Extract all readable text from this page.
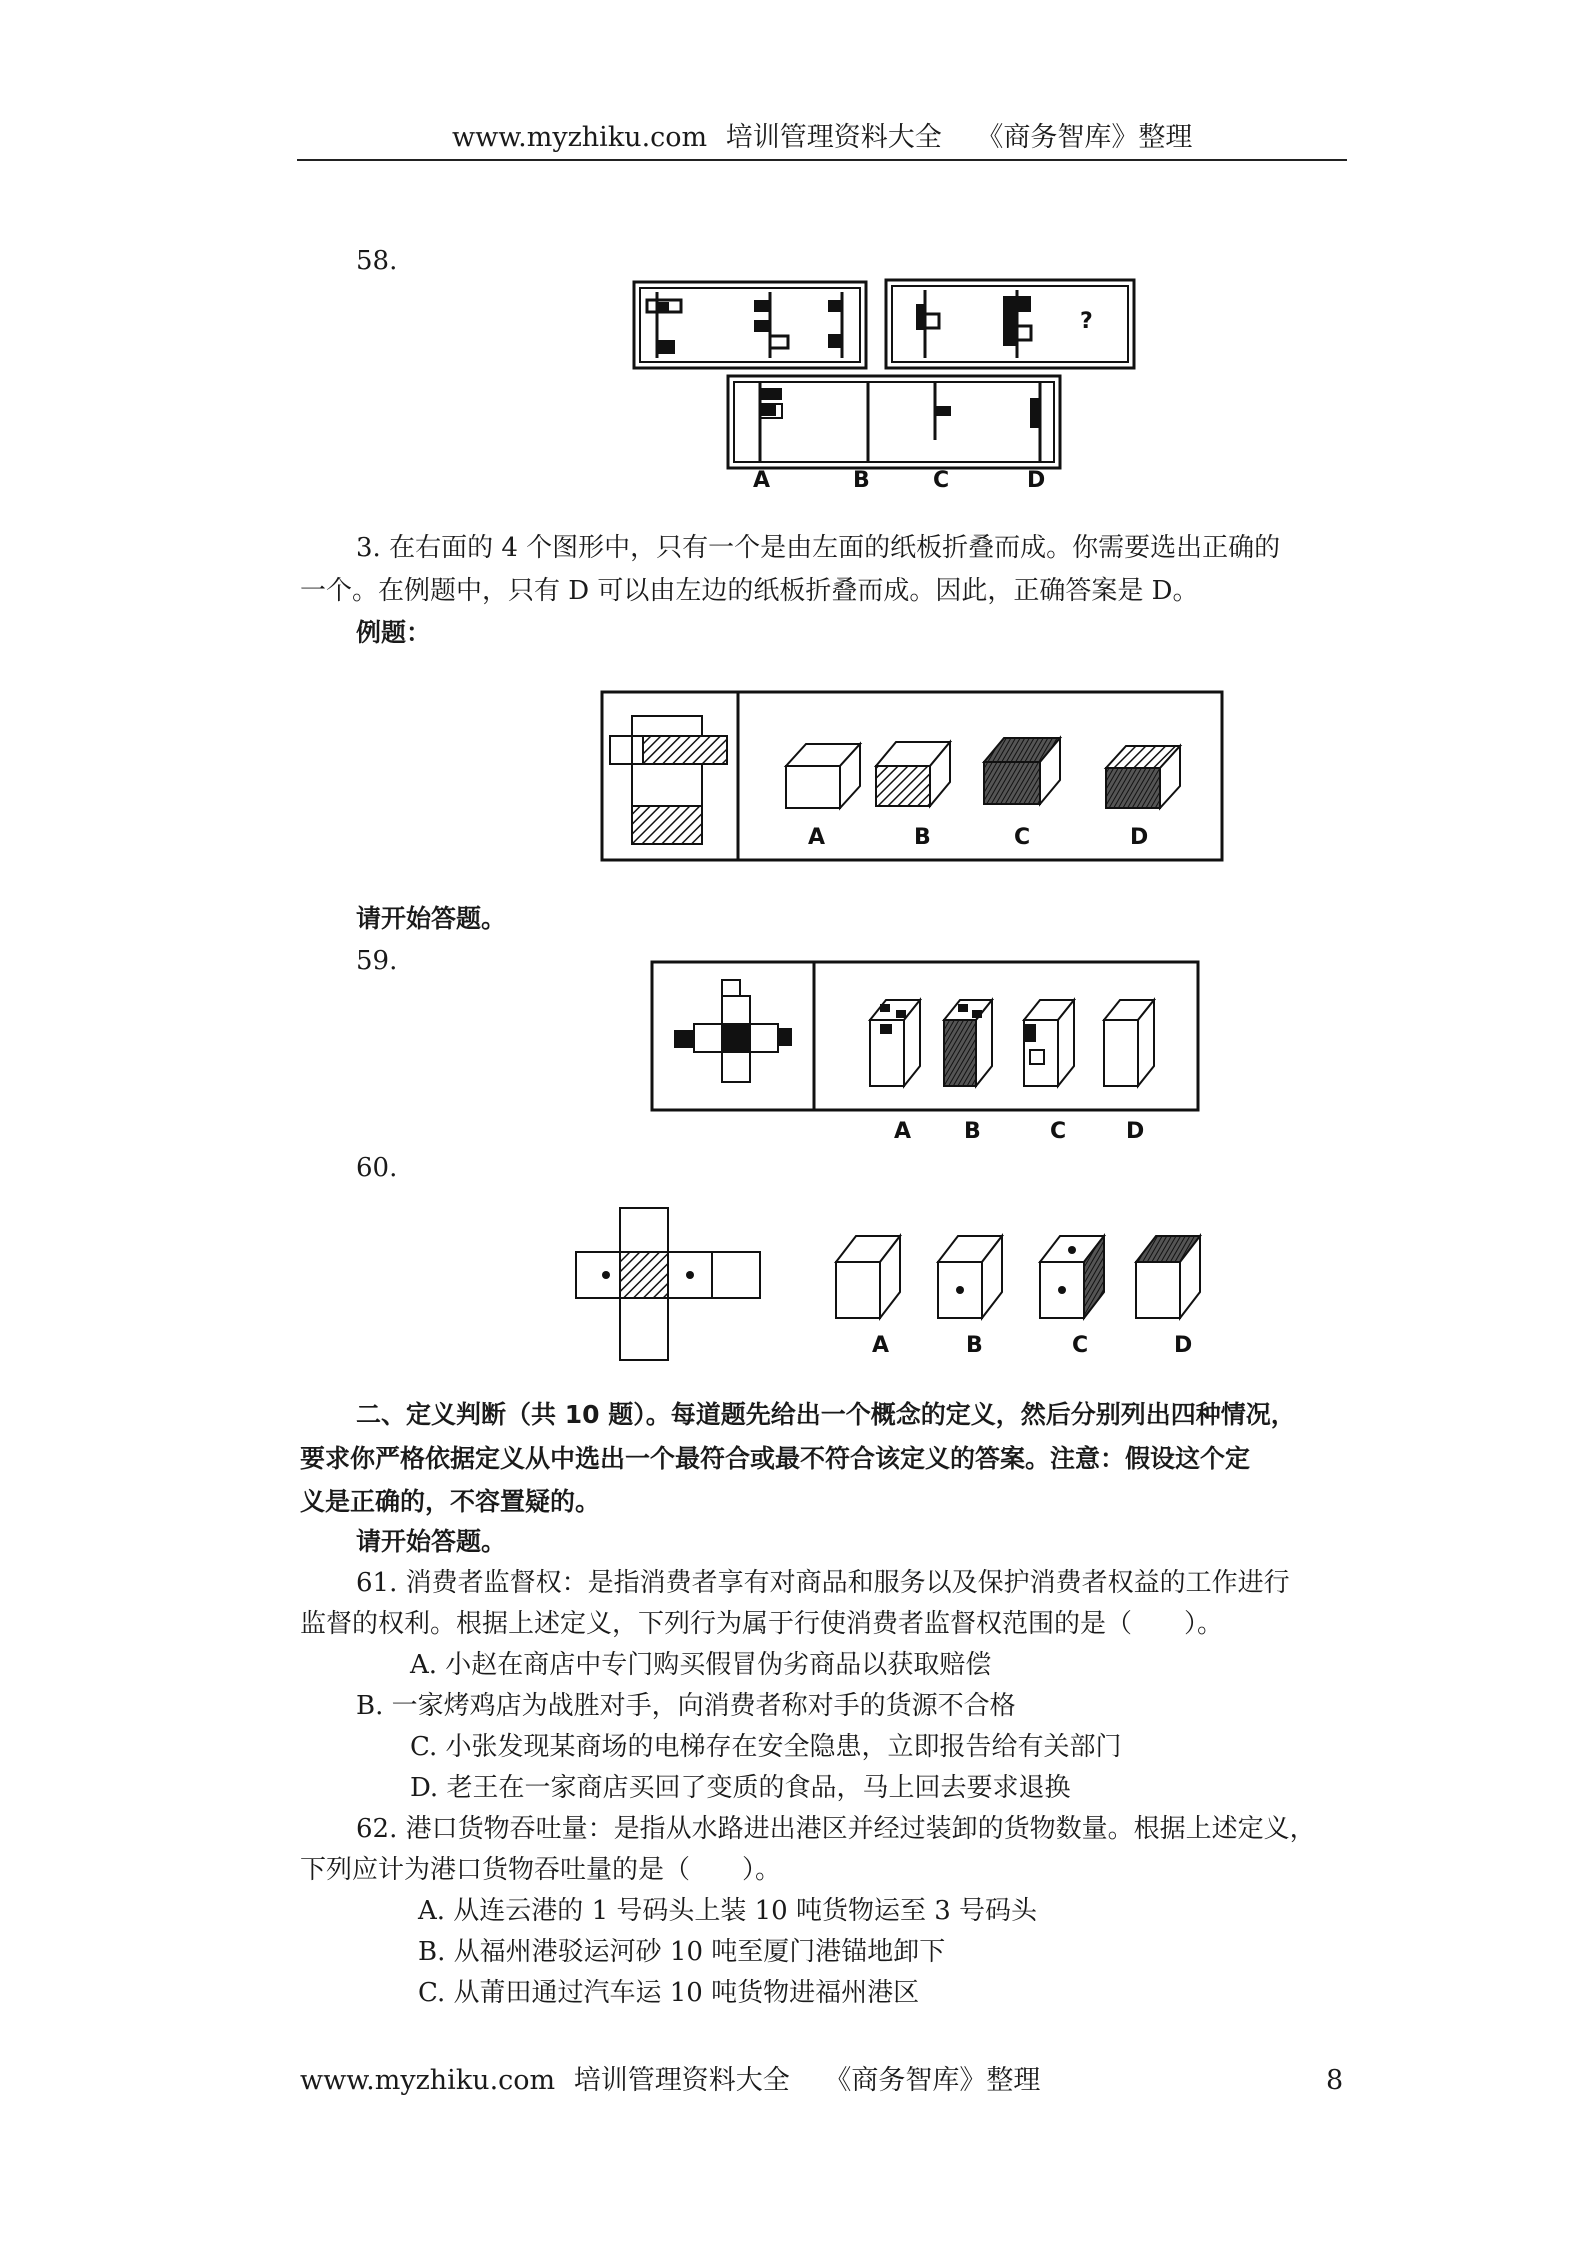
www.myzhiku.com 培训管理资料大全 《商务智库》整理
58.
?
A	B	C	D
3. 在右面的 4 个图形中，只有一个是由左面的纸板折叠而成。你需要选出正确的
一个。在例题中，只有 D 可以由左边的纸板折叠而成。因此，正确答案是 D。
例题：
A	B	C	D
请开始答题。
59.
A B	C	D
60.
A	B	C	D
二、定义判断（共 10 题）。每道题先给出一个概念的定义，然后分别列出四种情况，
要求你严格依据定义从中选出一个最符合或最不符合该定义的答案。注意：假设这个定
义是正确的，不容置疑的。
请开始答题。
61. 消费者监督权：是指消费者享有对商品和服务以及保护消费者权益的工作进行
监督的权利。根据上述定义，下列行为属于行使消费者监督权范围的是（　　）。
A. 小赵在商店中专门购买假冒伪劣商品以获取赔偿
B. 一家烤鸡店为战胜对手，向消费者称对手的货源不合格
C. 小张发现某商场的电梯存在安全隐患，立即报告给有关部门
D. 老王在一家商店买回了变质的食品，马上回去要求退换
62. 港口货物吞吐量：是指从水路进出港区并经过装卸的货物数量。根据上述定义，
下列应计为港口货物吞吐量的是（　　）。
A. 从连云港的 1 号码头上装 10 吨货物运至 3 号码头
B. 从福州港驳运河砂 10 吨至厦门港锚地卸下
C. 从莆田通过汽车运 10 吨货物进福州港区
www.myzhiku.com 培训管理资料大全 《商务智库》整理	8
